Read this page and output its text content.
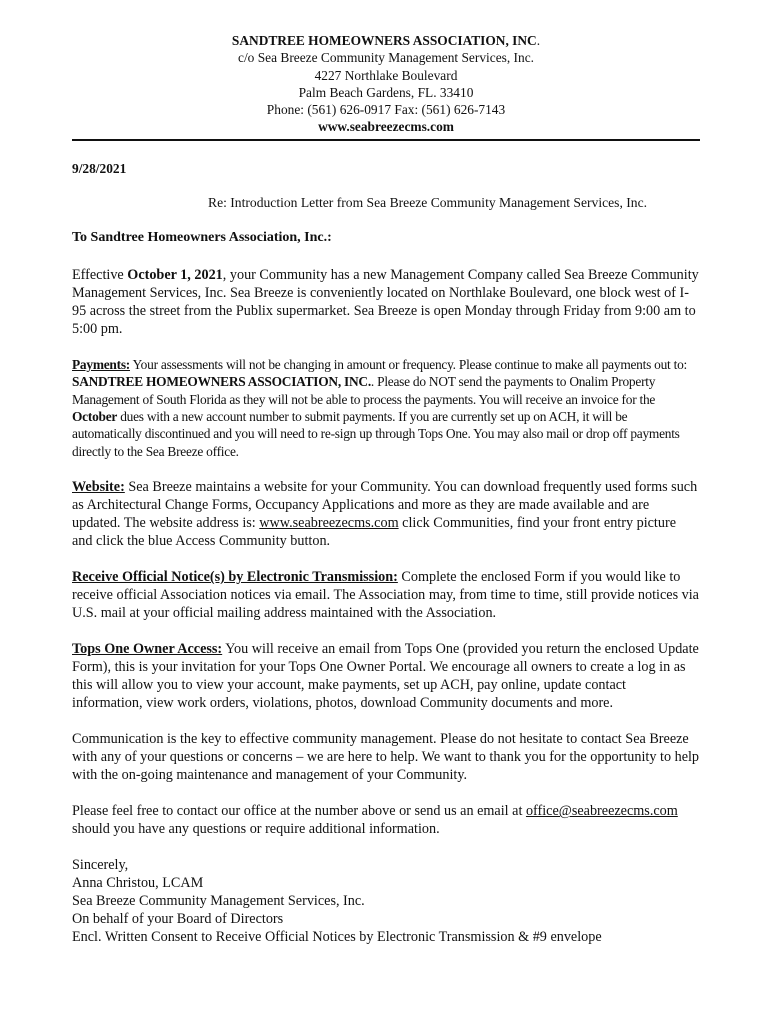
SANDTREE HOMEOWNERS ASSOCIATION, INC.
c/o Sea Breeze Community Management Services, Inc.
4227 Northlake Boulevard
Palm Beach Gardens, FL. 33410
Phone: (561) 626-0917 Fax: (561) 626-7143
www.seabreezecms.com
9/28/2021
Re: Introduction Letter from Sea Breeze Community Management Services, Inc.
To Sandtree Homeowners Association, Inc.:

Effective October 1, 2021, your Community has a new Management Company called Sea Breeze Community Management Services, Inc. Sea Breeze is conveniently located on Northlake Boulevard, one block west of I-95 across the street from the Publix supermarket. Sea Breeze is open Monday through Friday from 9:00 am to 5:00 pm.

Payments: Your assessments will not be changing in amount or frequency. Please continue to make all payments out to: SANDTREE HOMEOWNERS ASSOCIATION, INC.. Please do NOT send the payments to Onalim Property Management of South Florida as they will not be able to process the payments. You will receive an invoice for the October dues with a new account number to submit payments. If you are currently set up on ACH, it will be automatically discontinued and you will need to re-sign up through Tops One. You may also mail or drop off payments directly to the Sea Breeze office.

Website: Sea Breeze maintains a website for your Community. You can download frequently used forms such as Architectural Change Forms, Occupancy Applications and more as they are made available and are updated. The website address is: www.seabreezecms.com click Communities, find your front entry picture and click the blue Access Community button.

Receive Official Notice(s) by Electronic Transmission: Complete the enclosed Form if you would like to receive official Association notices via email. The Association may, from time to time, still provide notices via U.S. mail at your official mailing address maintained with the Association.

Tops One Owner Access: You will receive an email from Tops One (provided you return the enclosed Update Form), this is your invitation for your Tops One Owner Portal. We encourage all owners to create a log in as this will allow you to view your account, make payments, set up ACH, pay online, update contact information, view work orders, violations, photos, download Community documents and more.

Communication is the key to effective community management. Please do not hesitate to contact Sea Breeze with any of your questions or concerns – we are here to help. We want to thank you for the opportunity to help with the on-going maintenance and management of your Community.

Please feel free to contact our office at the number above or send us an email at office@seabreezecms.com should you have any questions or require additional information.

Sincerely,
Anna Christou, LCAM
Sea Breeze Community Management Services, Inc.
On behalf of your Board of Directors
Encl. Written Consent to Receive Official Notices by Electronic Transmission & #9 envelope
